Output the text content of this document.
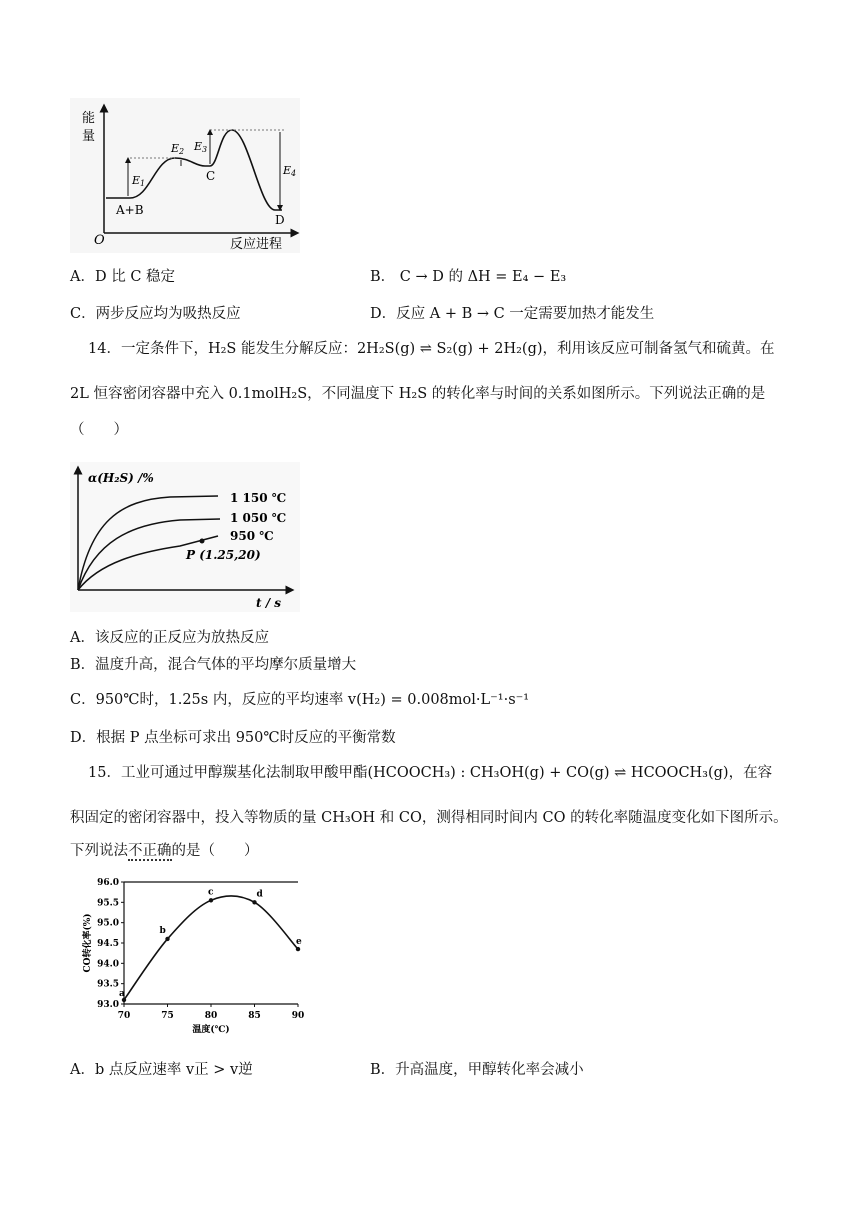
能
量
O	反应进程
E1
E2 E3
E4
A+B
C
D
A．D 比 C 稳定	B． C → D 的 ΔH = E₄ − E₃
C．两步反应均为吸热反应	D．反应 A + B → C 一定需要加热才能发生
14．一定条件下，H₂S 能发生分解反应：2H₂S(g) ⇌ S₂(g) + 2H₂(g)，利用该反应可制备氢气和硫黄。在
2L 恒容密闭容器中充入 0.1molH₂S，不同温度下 H₂S 的转化率与时间的关系如图所示。下列说法正确的是
（　　）
α(H₂S) /%
t / s
1 150 ℃
1 050 ℃
950 ℃
P (1.25,20)
A．该反应的正反应为放热反应
B．温度升高，混合气体的平均摩尔质量增大
C．950℃时，1.25s 内，反应的平均速率 v(H₂) = 0.008mol·L⁻¹·s⁻¹
D．根据 P 点坐标可求出 950℃时反应的平衡常数
15．工业可通过甲醇羰基化法制取甲酸甲酯(HCOOCH₃) : CH₃OH(g) + CO(g) ⇌ HCOOCH₃(g)，在容
积固定的密闭容器中，投入等物质的量 CH₃OH 和 CO，测得相同时间内 CO 的转化率随温度变化如下图所示。
下列说法不正确的是（　　）
93.0
93.5
94.0
94.5
95.0
95.5
96.0
70	75	80	85	90
温度(℃)
CO转化率(%)
a
b
c	d
e
A．b 点反应速率 v正 > v逆	B．升高温度，甲醇转化率会减小
